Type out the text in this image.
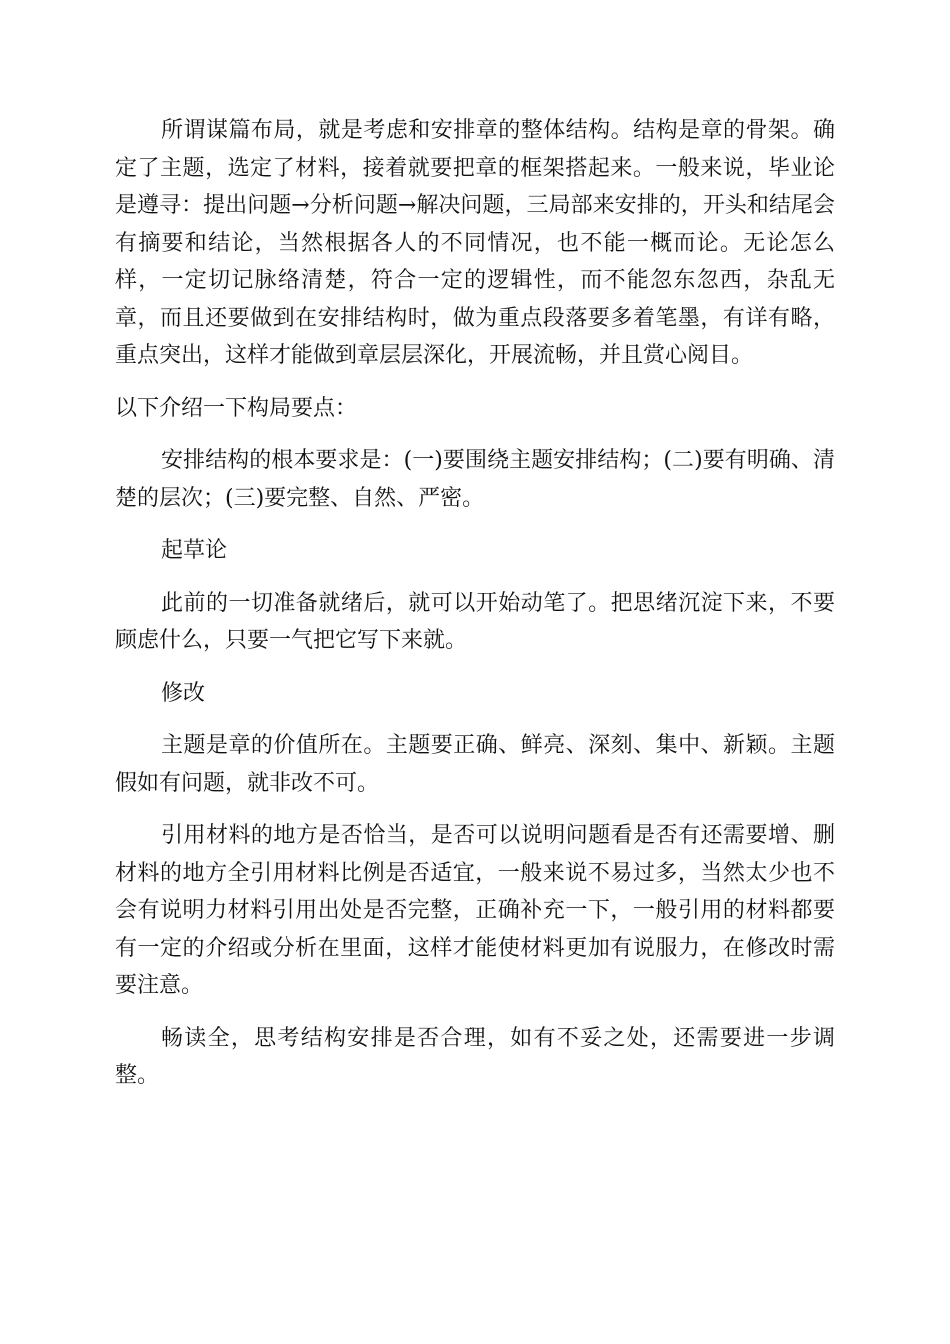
所谓谋篇布局，就是考虑和安排章的整体结构。结构是章的骨架。确定了主题，选定了材料，接着就要把章的框架搭起来。一般来说，毕业论是遵寻：提出问题→分析问题→解决问题，三局部来安排的，开头和结尾会有摘要和结论，当然根据各人的不同情况，也不能一概而论。无论怎么样，一定切记脉络清楚，符合一定的逻辑性，而不能忽东忽西，杂乱无章，而且还要做到在安排结构时，做为重点段落要多着笔墨，有详有略，重点突出，这样才能做到章层层深化，开展流畅，并且赏心阅目。

以下介绍一下构局要点：

安排结构的根本要求是：(一)要围绕主题安排结构；(二)要有明确、清楚的层次；(三)要完整、自然、严密。

起草论

此前的一切准备就绪后，就可以开始动笔了。把思绪沉淀下来，不要顾虑什么，只要一气把它写下来就。

修改

主题是章的价值所在。主题要正确、鲜亮、深刻、集中、新颖。主题假如有问题，就非改不可。

引用材料的地方是否恰当，是否可以说明问题看是否有还需要增、删材料的地方全引用材料比例是否适宜，一般来说不易过多，当然太少也不会有说明力材料引用出处是否完整，正确补充一下，一般引用的材料都要有一定的介绍或分析在里面，这样才能使材料更加有说服力，在修改时需要注意。

畅读全，思考结构安排是否合理，如有不妥之处，还需要进一步调整。
